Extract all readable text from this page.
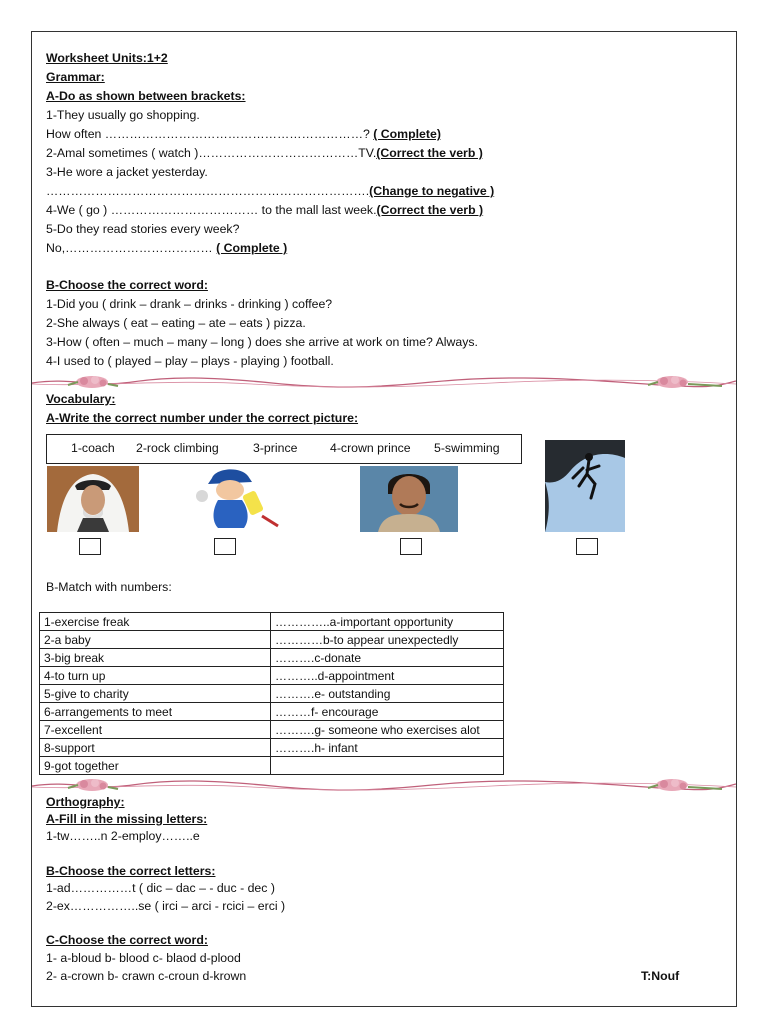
Worksheet Units:1+2
Grammar:
A-Do as shown between brackets:
1-They usually go shopping.
How often ………………………………………………………? ( Complete)
2-Amal sometimes ( watch )…………………………………TV.(Correct the verb )
3-He wore a jacket yesterday.
…………………………………………………………………….(Change to negative )
4-We ( go ) ……………………………… to the mall last week.(Correct the verb )
5-Do they read stories every week?
No,……………………………… ( Complete )
B-Choose the correct word:
1-Did you ( drink – drank – drinks - drinking ) coffee?
2-She always ( eat – eating – ate – eats ) pizza.
3-How ( often – much – many – long ) does she arrive at work on time? Always.
4-I used to ( played – play – plays - playing ) football.
Vocabulary:
A-Write the correct number under the correct picture:
1-coach 2-rock climbing	3-prince	4-crown prince 5-swimming
B-Match with numbers:
1-exercise freak	…………..a-important opportunity
2-a baby	…………b-to appear unexpectedly
3-big break	……….c-donate
4-to turn up	………..d-appointment
5-give to charity	……….e- outstanding
6-arrangements to meet	………f- encourage
7-excellent	……….g- someone who exercises alot
8-support	……….h- infant
9-got together	
Orthography:
A-Fill in the missing letters:
1-tw……..n 2-employ……..e
B-Choose the correct letters:
1-ad……………t ( dic – dac – - duc - dec )
2-ex……………..se ( irci – arci - rcici – erci )
C-Choose the correct word:
1- a-bloud b- blood c- blaod d-plood
2- a-crown b- crawn c-croun d-krown	T:Nouf
